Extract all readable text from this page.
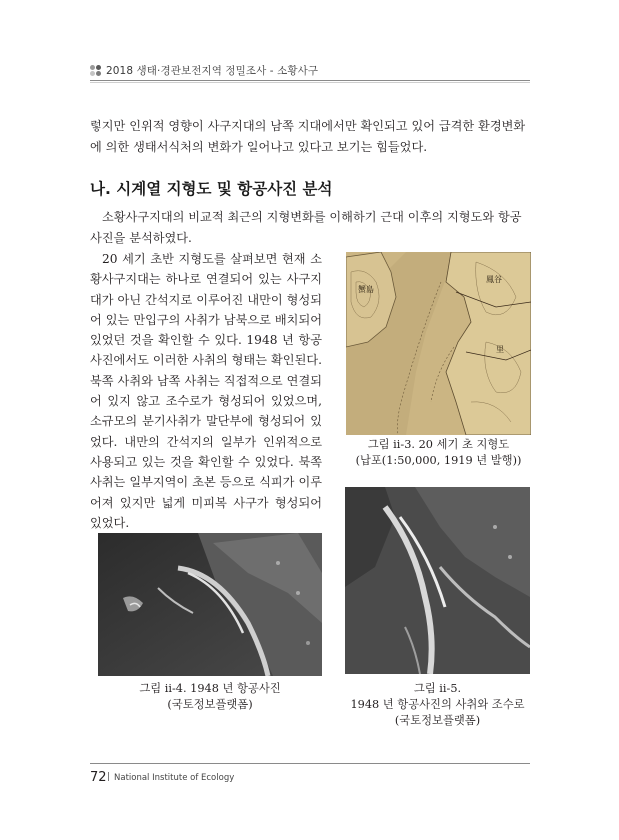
2018 생태·경관보전지역 정밀조사 - 소황사구
렇지만 인위적 영향이 사구지대의 남쪽 지대에서만 확인되고 있어 급격한 환경변화에 의한 생태서식처의 변화가 일어나고 있다고 보기는 힘들었다.
나. 시계열 지형도 및 항공사진 분석
소황사구지대의 비교적 최근의 지형변화를 이해하기 근대 이후의 지형도와 항공사진을 분석하였다.
20 세기 초반 지형도를 살펴보면 현재 소황사구지대는 하나로 연결되어 있는 사구지대가 아닌 간석지로 이루어진 내만이 형성되어 있는 만입구의 사취가 남북으로 배치되어 있었던 것을 확인할 수 있다. 1948 년 항공사진에서도 이러한 사취의 형태는 확인된다. 북쪽 사취와 남쪽 사취는 직접적으로 연결되어 있지 않고 조수로가 형성되어 있었으며, 소규모의 분기사취가 말단부에 형성되어 있었다. 내만의 간석지의 일부가 인위적으로 사용되고 있는 것을 확인할 수 있었다. 북쪽 사취는 일부지역이 초본 등으로 식피가 이루어져 있지만 넓게 미피복 사구가 형성되어 있었다.
蟹島
鳳谷
里
그림 ⅱ-3. 20 세기 초 지형도
(납포(1:50,000, 1919 년 발행))
그림 ⅱ-4. 1948 년 항공사진
(국토정보플랫폼)
그림 ⅱ-5.
1948 년 항공사진의 사취와 조수로
(국토정보플랫폼)
72 | National Institute of Ecology
